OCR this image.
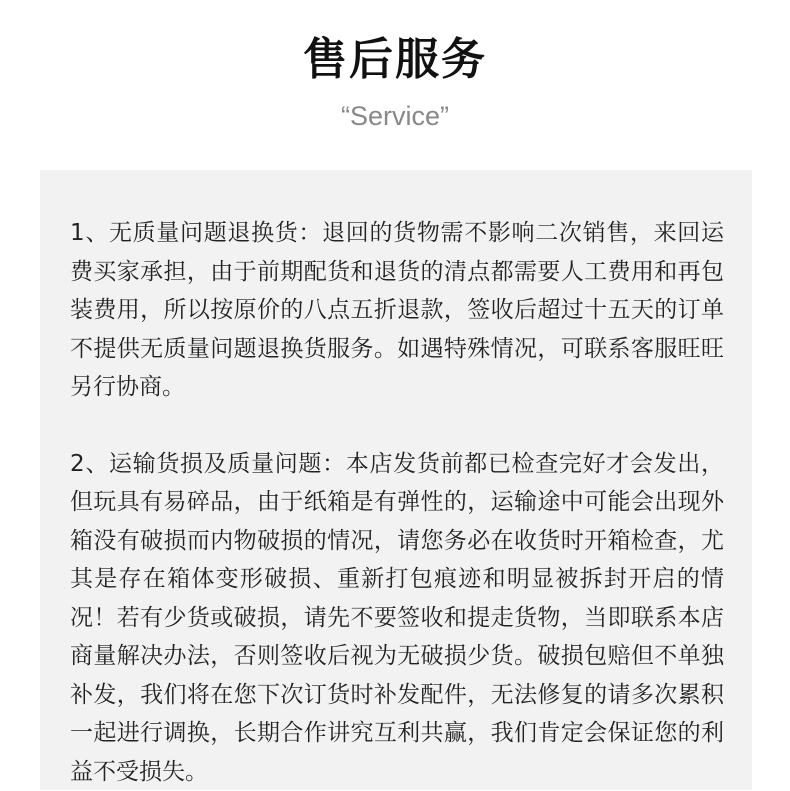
售后服务
“Service”

1、无质量问题退换货：退回的货物需不影响二次销售，来回运费买家承担，由于前期配货和退货的清点都需要人工费用和再包装费用，所以按原价的八点五折退款，签收后超过十五天的订单不提供无质量问题退换货服务。如遇特殊情况，可联系客服旺旺另行协商。

2、运输货损及质量问题：本店发货前都已检查完好才会发出，但玩具有易碎品，由于纸箱是有弹性的，运输途中可能会出现外箱没有破损而内物破损的情况，请您务必在收货时开箱检查，尤其是存在箱体变形破损、重新打包痕迹和明显被拆封开启的情况！若有少货或破损，请先不要签收和提走货物，当即联系本店商量解决办法，否则签收后视为无破损少货。破损包赔但不单独补发，我们将在您下次订货时补发配件，无法修复的请多次累积一起进行调换，长期合作讲究互利共赢，我们肯定会保证您的利益不受损失。
